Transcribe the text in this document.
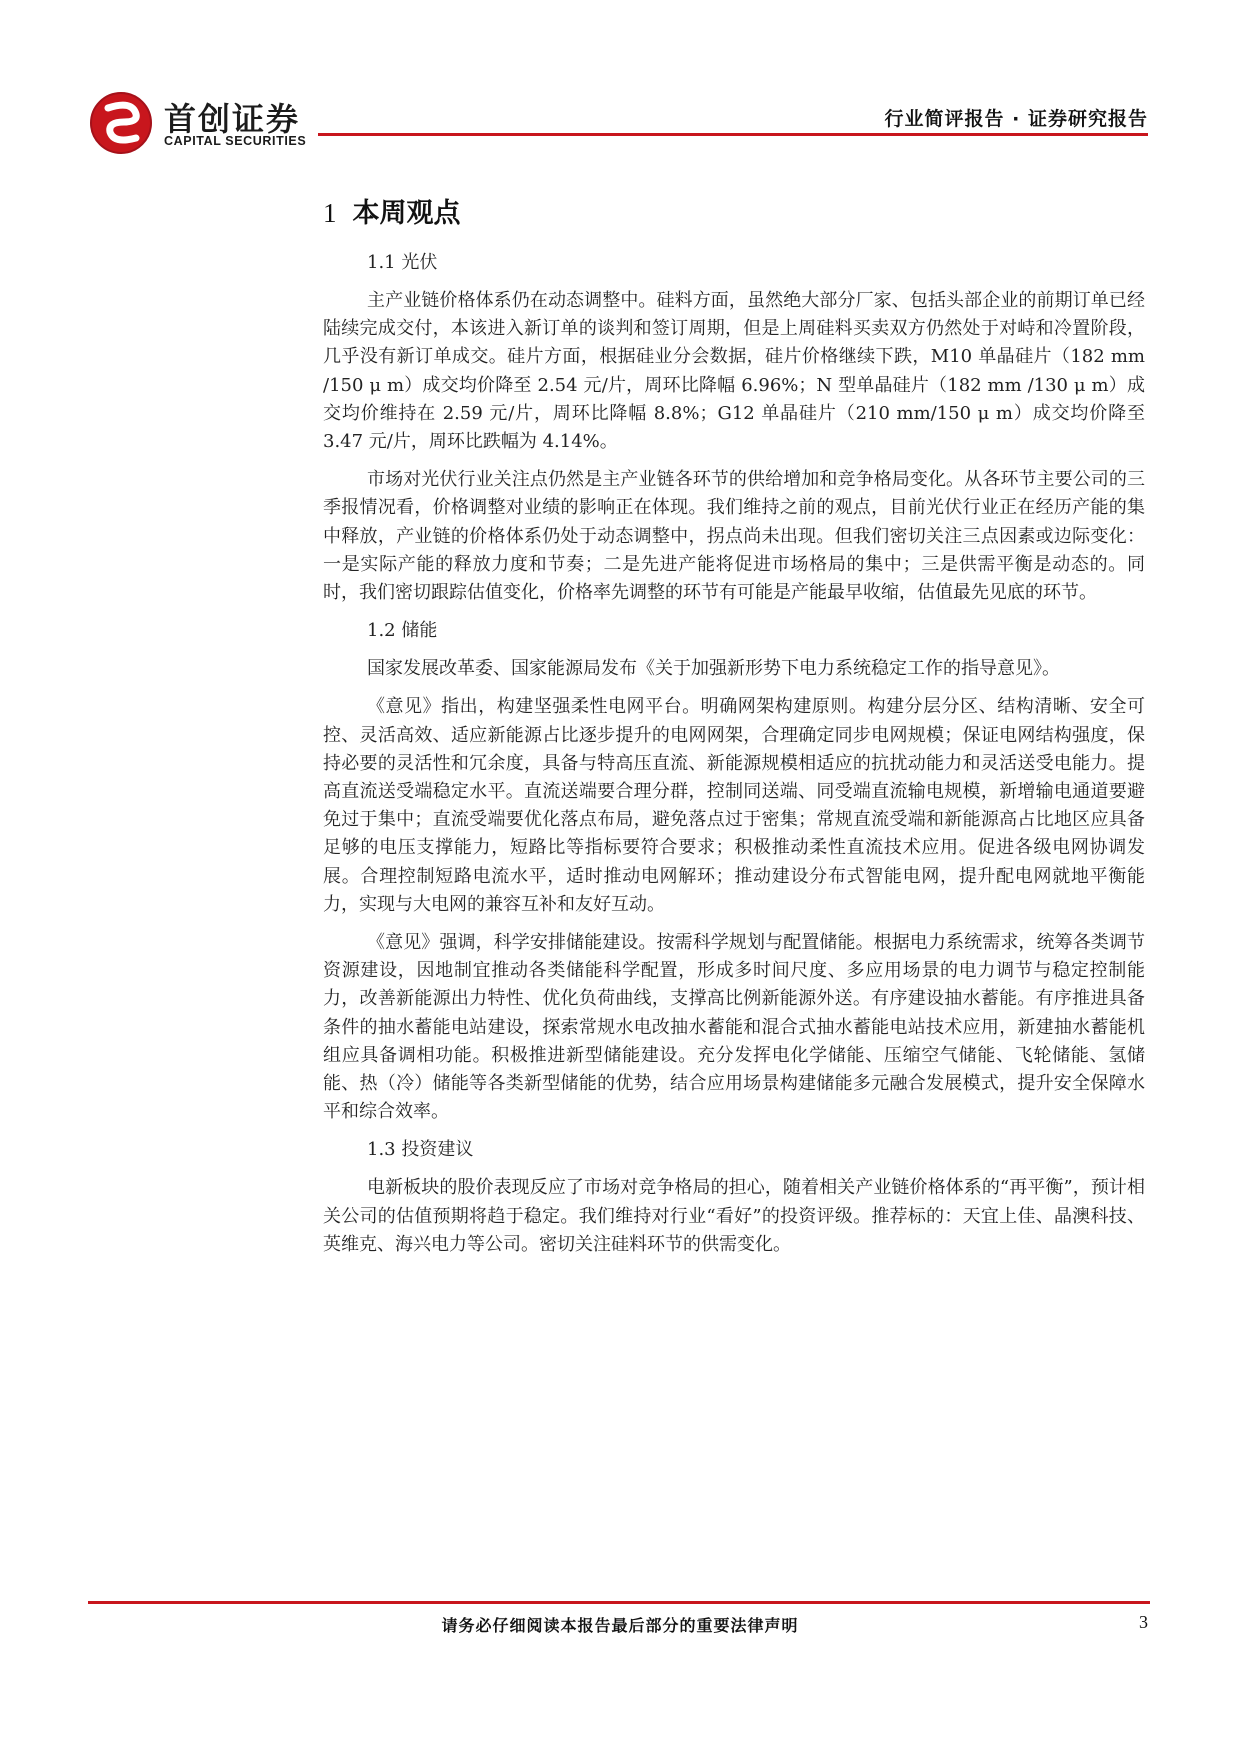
首创证券
CAPITAL SECURITIES
行业简评报告 · 证券研究报告
1 本周观点
1.1 光伏

主产业链价格体系仍在动态调整中。硅料方面，虽然绝大部分厂家、包括头部企业的前期订单已经陆续完成交付，本该进入新订单的谈判和签订周期，但是上周硅料买卖双方仍然处于对峙和冷置阶段，几乎没有新订单成交。硅片方面，根据硅业分会数据，硅片价格继续下跌，M10 单晶硅片（182 mm /150 μ m）成交均价降至 2.54 元/片，周环比降幅 6.96%；N 型单晶硅片（182 mm /130 μ m）成交均价维持在 2.59 元/片，周环比降幅 8.8%；G12 单晶硅片（210 mm/150 μ m）成交均价降至 3.47 元/片，周环比跌幅为 4.14%。

市场对光伏行业关注点仍然是主产业链各环节的供给增加和竞争格局变化。从各环节主要公司的三季报情况看，价格调整对业绩的影响正在体现。我们维持之前的观点，目前光伏行业正在经历产能的集中释放，产业链的价格体系仍处于动态调整中，拐点尚未出现。但我们密切关注三点因素或边际变化：一是实际产能的释放力度和节奏；二是先进产能将促进市场格局的集中；三是供需平衡是动态的。同时，我们密切跟踪估值变化，价格率先调整的环节有可能是产能最早收缩，估值最先见底的环节。

1.2 储能

国家发展改革委、国家能源局发布《关于加强新形势下电力系统稳定工作的指导意见》。

《意见》指出，构建坚强柔性电网平台。明确网架构建原则。构建分层分区、结构清晰、安全可控、灵活高效、适应新能源占比逐步提升的电网网架，合理确定同步电网规模；保证电网结构强度，保持必要的灵活性和冗余度，具备与特高压直流、新能源规模相适应的抗扰动能力和灵活送受电能力。提高直流送受端稳定水平。直流送端要合理分群，控制同送端、同受端直流输电规模，新增输电通道要避免过于集中；直流受端要优化落点布局，避免落点过于密集；常规直流受端和新能源高占比地区应具备足够的电压支撑能力，短路比等指标要符合要求；积极推动柔性直流技术应用。促进各级电网协调发展。合理控制短路电流水平，适时推动电网解环；推动建设分布式智能电网，提升配电网就地平衡能力，实现与大电网的兼容互补和友好互动。

《意见》强调，科学安排储能建设。按需科学规划与配置储能。根据电力系统需求，统筹各类调节资源建设，因地制宜推动各类储能科学配置，形成多时间尺度、多应用场景的电力调节与稳定控制能力，改善新能源出力特性、优化负荷曲线，支撑高比例新能源外送。有序建设抽水蓄能。有序推进具备条件的抽水蓄能电站建设，探索常规水电改抽水蓄能和混合式抽水蓄能电站技术应用，新建抽水蓄能机组应具备调相功能。积极推进新型储能建设。充分发挥电化学储能、压缩空气储能、飞轮储能、氢储能、热（冷）储能等各类新型储能的优势，结合应用场景构建储能多元融合发展模式，提升安全保障水平和综合效率。

1.3 投资建议

电新板块的股价表现反应了市场对竞争格局的担心，随着相关产业链价格体系的“再平衡”，预计相关公司的估值预期将趋于稳定。我们维持对行业“看好”的投资评级。推荐标的：天宜上佳、晶澳科技、英维克、海兴电力等公司。密切关注硅料环节的供需变化。

请务必仔细阅读本报告最后部分的重要法律声明	3
